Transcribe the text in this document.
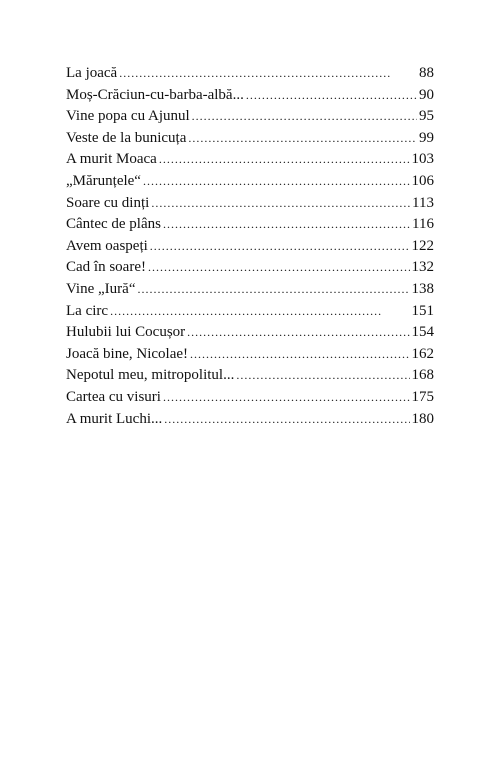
La joacă . . .	88
Moș-Crăciun-cu-barba-albă... . . .	90
Vine popa cu Ajunul . . .	95
Veste de la bunicuța . . .	99
A murit Moaca . . .	103
„Mărunțele“ . . .	106
Soare cu dinți . . .	113
Cântec de plâns . . .	116
Avem oaspeți . . .	122
Cad în soare! . . .	132
Vine „Iură“ . . .	138
La circ . . .	151
Hulubii lui Cocușor . . .	154
Joacă bine, Nicolae! . . .	162
Nepotul meu, mitropolitul... . . .	168
Cartea cu visuri . . .	175
A murit Luchi... . . .	180
